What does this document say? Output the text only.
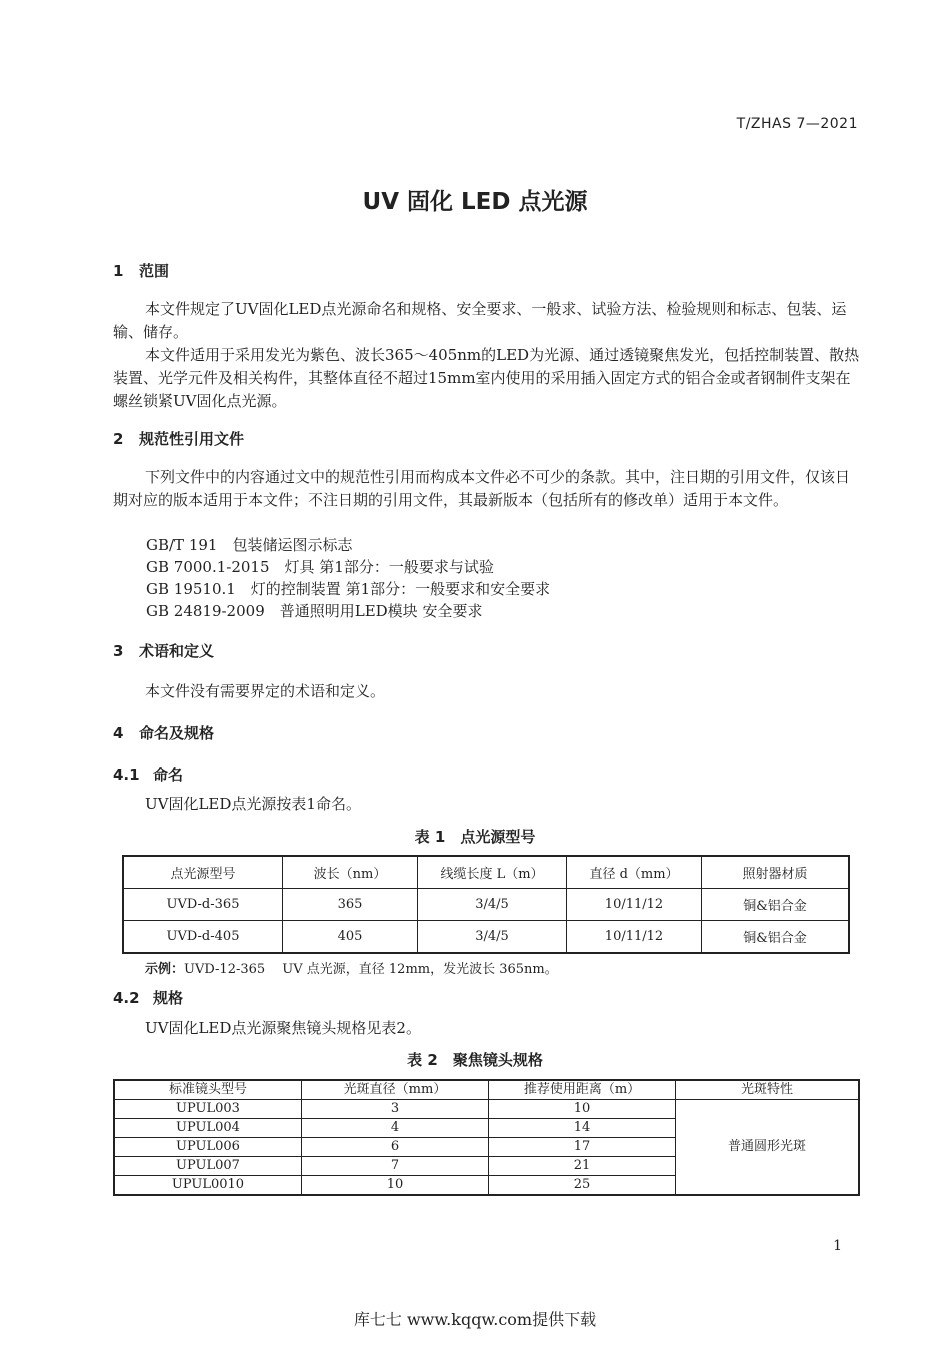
T/ZHAS 7—2021
UV 固化 LED 点光源
1 范围
本文件规定了UV固化LED点光源命名和规格、安全要求、一般求、试验方法、检验规则和标志、包装、运输、储存。
本文件适用于采用发光为紫色、波长365～405nm的LED为光源、通过透镜聚焦发光，包括控制装置、散热装置、光学元件及相关构件，其整体直径不超过15mm室内使用的采用插入固定方式的铝合金或者钢制件支架在螺丝锁紧UV固化点光源。
2 规范性引用文件
下列文件中的内容通过文中的规范性引用而构成本文件必不可少的条款。其中，注日期的引用文件，仅该日期对应的版本适用于本文件；不注日期的引用文件，其最新版本（包括所有的修改单）适用于本文件。
GB/T 191　包装储运图示标志
GB 7000.1-2015　灯具 第1部分：一般要求与试验
GB 19510.1　灯的控制装置 第1部分：一般要求和安全要求
GB 24819-2009　普通照明用LED模块 安全要求
3 术语和定义
本文件没有需要界定的术语和定义。
4 命名及规格
4.1 命名
UV固化LED点光源按表1命名。
表 1　点光源型号
点光源型号	波长（nm）	线缆长度 L（m）	直径 d（mm）	照射器材质
UVD-d-365	365	3/4/5	10/11/12	铜&铝合金
UVD-d-405	405	3/4/5	10/11/12	铜&铝合金
示例：UVD-12-365　 UV 点光源，直径 12mm，发光波长 365nm。
4.2 规格
UV固化LED点光源聚焦镜头规格见表2。
表 2　聚焦镜头规格
标准镜头型号	光斑直径（mm）	推荐使用距离（m）	光斑特性
UPUL003	3	10	普通圆形光斑
UPUL004	4	14	
UPUL006	6	17	
UPUL007	7	21	
UPUL0010	10	25	
1
库七七 www.kqqw.com提供下载
